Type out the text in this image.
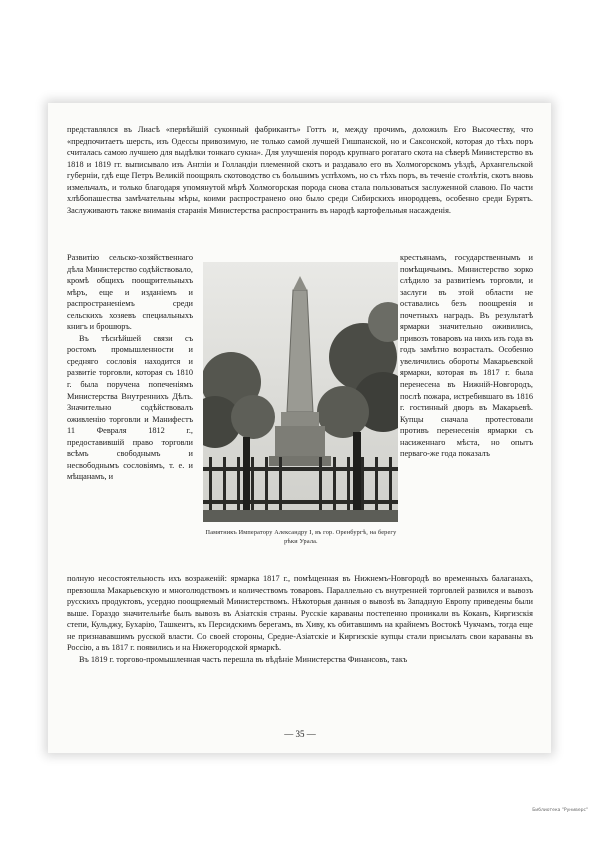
представлялся въ Лиасѣ «первѣйшій суконный фабрикантъ» Готтъ и, между прочимъ, доложилъ Его Высочеству, что «предпочитаетъ шерсть, изъ Одессы привозимую, не только самой лучшей Гишпанской, но и Саксонской, которая до тѣхъ поръ считалась самою лучшею для выдѣлки тонкаго сукна». Для улучшенія породъ крупнаго рогатаго скота на сѣверѣ Министерство въ 1818 и 1819 гг. выписывало изъ Англіи и Голландіи племенной скотъ и раздавало его въ Холмогорскомъ уѣздѣ, Архангельской губерніи, гдѣ еще Петръ Великій поощрялъ скотоводство съ большимъ успѣхомъ, но съ тѣхъ поръ, въ теченіе столѣтія, скотъ вновь измельчалъ, и только благодаря упомянутой мѣрѣ Холмогорская порода снова стала пользоваться заслуженной славою. По части хлѣбопашества замѣчательны мѣры, коими распространено оно было среди Сибирскихъ инородцевъ, особенно среди Бурятъ. Заслуживаютъ также вниманія старанія Министерства распространить въ народѣ картофельныя насажденія.

Развитію сельско-хозяйственнаго дѣла Министерство содѣйствовало, кромѣ общихъ поощрительныхъ мѣръ, еще и изданіемъ и распространеніемъ среди сельскихъ хозяевъ специальныхъ книгъ и брошюръ.

Въ тѣснѣйшей связи съ ростомъ промышленности и средняго сословія находится и развитіе торговли, которая съ 1810 г. была поручена попеченіямъ Министерства Внутреннихъ Дѣлъ. Значительно содѣйствовалъ оживленію торговли и Манифестъ 11 Февраля 1812 г., предоставившій право торговли всѣмъ свободнымъ и несвободнымъ сословіямъ, т. е. и мѣщанамъ, и

крестьянамъ, государственнымъ и помѣщичьимъ. Министерство зорко слѣдило за развитіемъ торговли, и заслуги въ этой области не оставались безъ поощренія и почетныхъ наградъ. Въ результатѣ ярмарки значительно оживились, привозъ товаровъ на нихъ изъ года въ годъ замѣтно возрасталъ. Особенно увеличились обороты Макарьевской ярмарки, которая въ 1817 г. была перенесена въ Нижній-Новгородъ, послѣ пожара, истребившаго въ 1816 г. гостинный дворъ въ Макарьевѣ. Купцы сначала протестовали противъ перенесенія ярмарки съ насиженнаго мѣста, но опытъ перваго-же года показалъ

Памятникъ Императору Александру I, въ гор. Оренбургѣ, на берегу рѣки Урала.

полную несостоятельность ихъ возраженій: ярмарка 1817 г., помѣщенная въ Нижнемъ-Новгородѣ во временныхъ балаганахъ, превзошла Макарьевскую и многолюдствомъ и количествомъ товаровъ. Параллельно съ внутренней торговлей развился и вывозъ русскихъ продуктовъ, усердно поощряемый Министерствомъ. Нѣкоторыя данныя о вывозѣ въ Западную Европу приведены были выше. Гораздо значительнѣе былъ вывозъ въ Азіатскія страны. Русскіе караваны постепенно проникали въ Коканъ, Киргизскія степи, Кульджу, Бухарію, Ташкентъ, къ Персидскимъ берегамъ, въ Хиву, къ обитавшимъ на крайнемъ Востокѣ Чукчамъ, тогда еще не признававшимъ русской власти. Со своей стороны, Средне-Азіатскіе и Киргизскіе купцы стали присылать свои караваны въ Россію, а въ 1817 г. появились и на Нижегородской ярмаркѣ.

Въ 1819 г. торгово-промышленная часть перешла въ вѣдѣніе Министерства Финансовъ, такъ

— 35 —
Библиотека "Руниверс"
